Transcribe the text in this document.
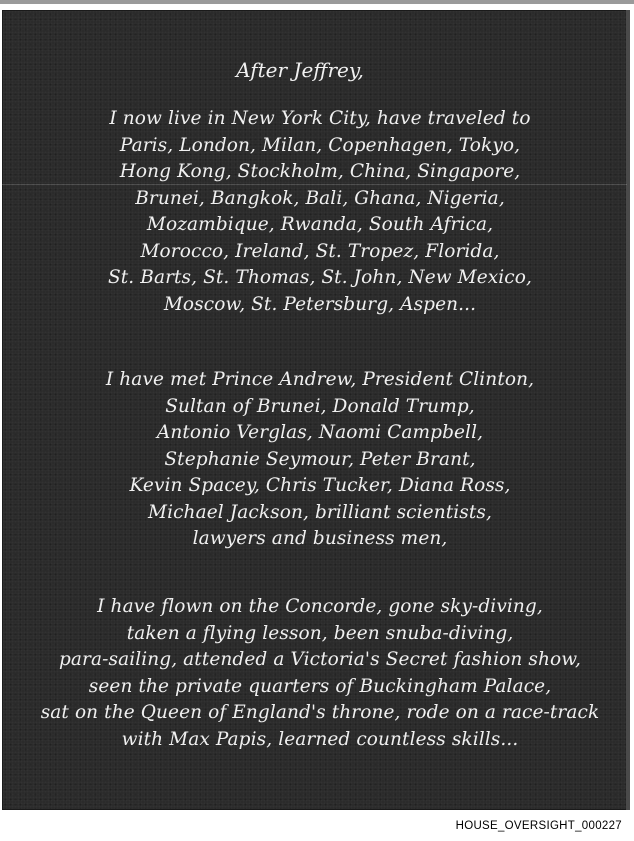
After Jeffrey,
I now live in New York City, have traveled to
Paris, London, Milan, Copenhagen, Tokyo,
Hong Kong, Stockholm, China, Singapore,
Brunei, Bangkok, Bali, Ghana, Nigeria,
Mozambique, Rwanda, South Africa,
Morocco, Ireland, St. Tropez, Florida,
St. Barts, St. Thomas, St. John, New Mexico,
Moscow, St. Petersburg, Aspen...
I have met Prince Andrew, President Clinton,
Sultan of Brunei, Donald Trump,
Antonio Verglas, Naomi Campbell,
Stephanie Seymour, Peter Brant,
Kevin Spacey, Chris Tucker, Diana Ross,
Michael Jackson, brilliant scientists,
lawyers and business men,
I have flown on the Concorde, gone sky-diving,
taken a flying lesson, been snuba-diving,
para-sailing, attended a Victoria's Secret fashion show,
seen the private quarters of Buckingham Palace,
sat on the Queen of England's throne, rode on a race-track
with Max Papis, learned countless skills...
HOUSE_OVERSIGHT_000227
